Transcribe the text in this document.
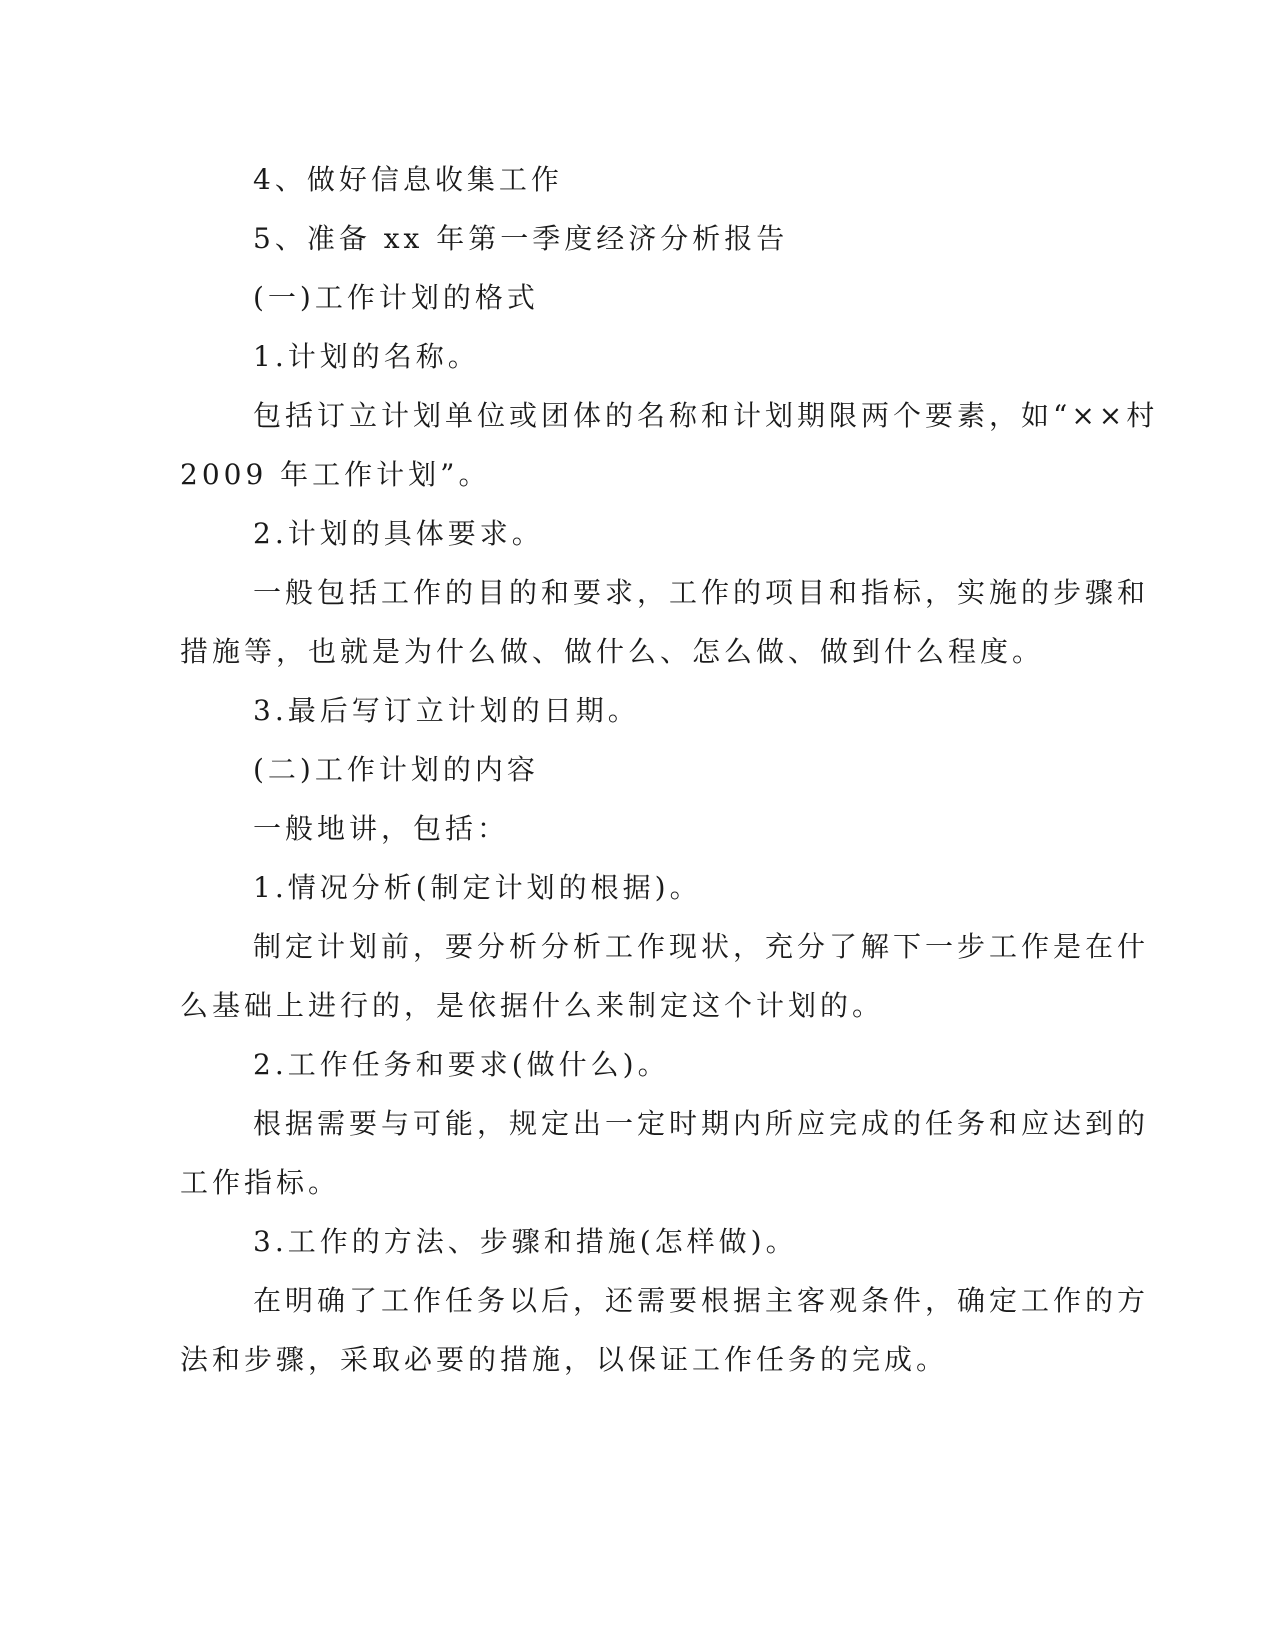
4、做好信息收集工作

5、准备 xx 年第一季度经济分析报告

(一)工作计划的格式

1.计划的名称。

包括订立计划单位或团体的名称和计划期限两个要素，如“××村

2009 年工作计划”。

2.计划的具体要求。

一般包括工作的目的和要求，工作的项目和指标，实施的步骤和

措施等，也就是为什么做、做什么、怎么做、做到什么程度。

3.最后写订立计划的日期。

(二)工作计划的内容

一般地讲，包括：

1.情况分析(制定计划的根据)。

制定计划前，要分析分析工作现状，充分了解下一步工作是在什

么基础上进行的，是依据什么来制定这个计划的。

2.工作任务和要求(做什么)。

根据需要与可能，规定出一定时期内所应完成的任务和应达到的

工作指标。

3.工作的方法、步骤和措施(怎样做)。

在明确了工作任务以后，还需要根据主客观条件，确定工作的方

法和步骤，采取必要的措施，以保证工作任务的完成。
